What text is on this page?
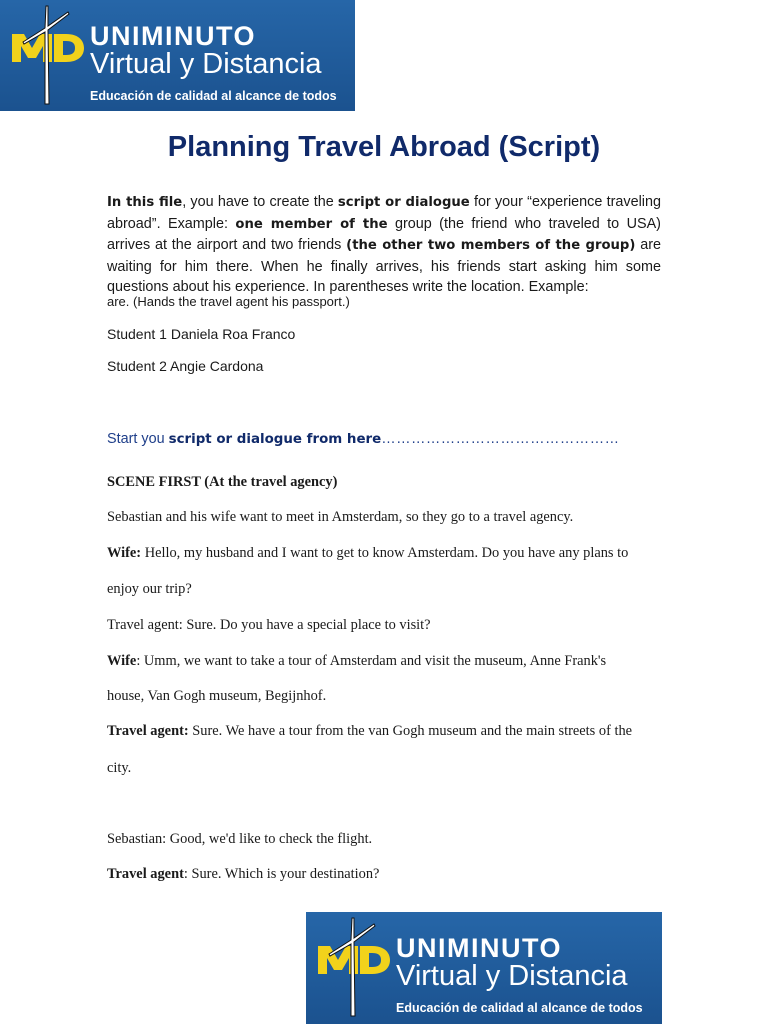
UNIMINUTO
Virtual y Distancia
Educación de calidad al alcance de todos
Planning Travel Abroad (Script)
In this file, you have to create the script or dialogue for your “experience traveling abroad”. Example: one member of the group (the friend who traveled to USA) arrives at the airport and two friends (the other two members of the group) are waiting for him there. When he finally arrives, his friends start asking him some questions about his experience. In parentheses write the location. Example:
are. (Hands the travel agent his passport.)
Student 1 Daniela Roa Franco
Student 2 Angie Cardona
Start you script or dialogue from here…………………………………………
SCENE FIRST (At the travel agency)
Sebastian and his wife want to meet in Amsterdam, so they go to a travel agency.
Wife: Hello, my husband and I want to get to know Amsterdam. Do you have any plans to
enjoy our trip?
Travel agent: Sure. Do you have a special place to visit?
Wife: Umm, we want to take a tour of Amsterdam and visit the museum, Anne Frank's
house, Van Gogh museum, Begijnhof.
Travel agent: Sure. We have a tour from the van Gogh museum and the main streets of the
city.
Sebastian: Good, we'd like to check the flight.
Travel agent: Sure. Which is your destination?
UNIMINUTO
Virtual y Distancia
Educación de calidad al alcance de todos
